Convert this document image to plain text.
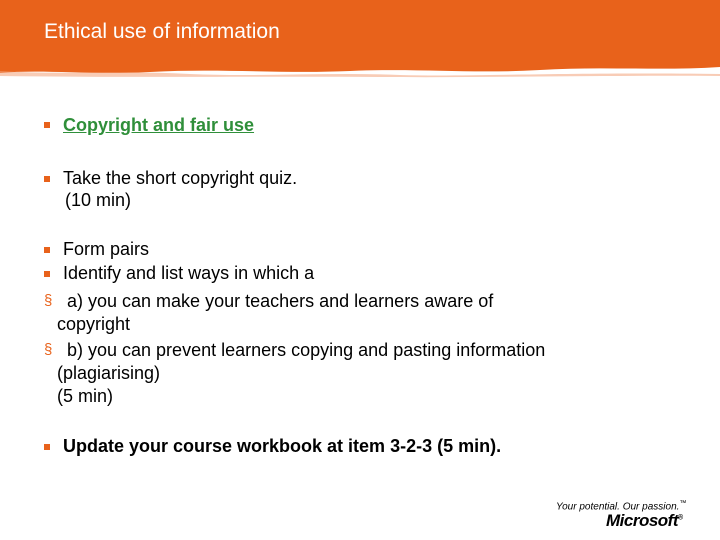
Ethical use of information
Copyright and fair use
Take the short copyright quiz.
(10 min)
Form pairs
Identify and list ways in which a
§ a) you can make your teachers and learners aware of
copyright
§ b) you can prevent learners copying and pasting information
(plagiarising)
(5 min)
Update your course workbook at item 3-2-3 (5 min).
Your potential. Our passion.™
Microsoft®
